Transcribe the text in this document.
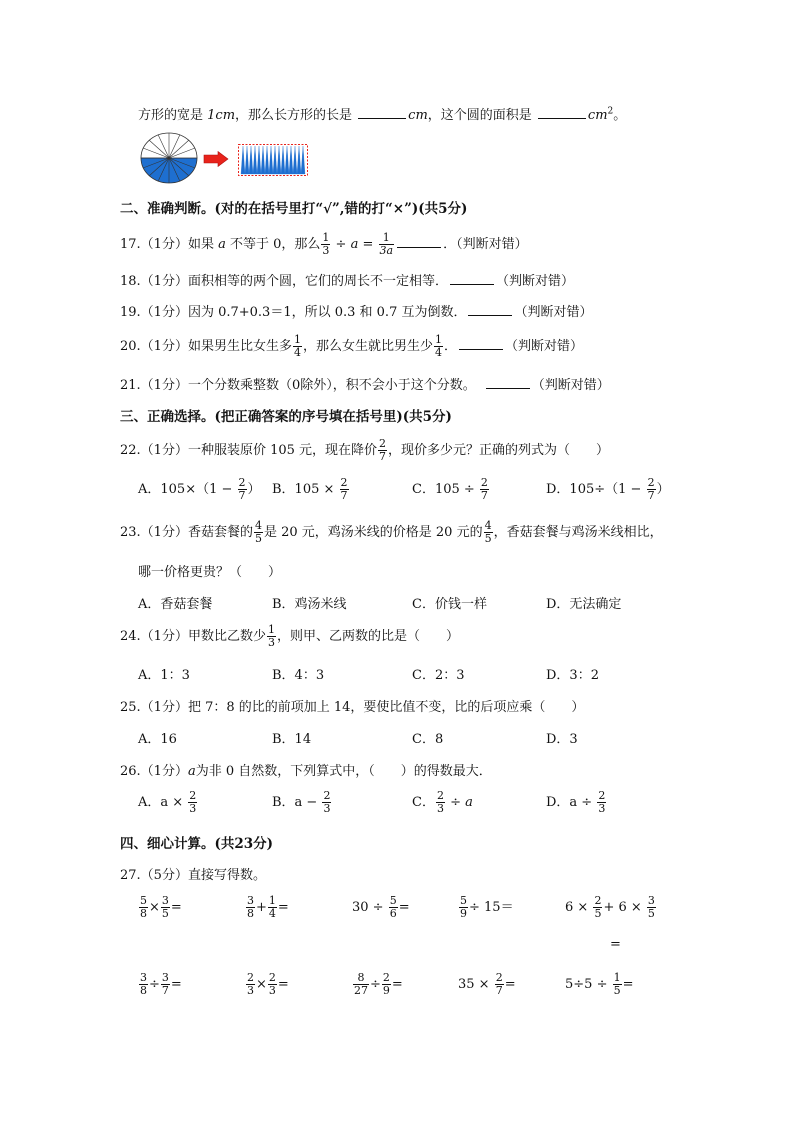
方形的宽是 1cm，那么长方形的长是	cm，这个圆的面积是	$cm^2$。
二、准确判断。(对的在括号里打“√”,错的打“×”)(共5分)
17.（1分）如果 a 不等于 0，那么 $\frac{1}{3} \div a = \frac{1}{3a}$	．（判断对错）
18.（1分）面积相等的两个圆，它们的周长不一定相等．	（判断对错）
19.（1分）因为 0.7+0.3＝1，所以 0.3 和 0.7 互为倒数．	（判断对错）
20.（1分）如果男生比女生多 $\frac{1}{4}$ ，那么女生就比男生少 $\frac{1}{4}$ ．	（判断对错）
21.（1分）一个分数乘整数（0除外），积不会小于这个分数。	（判断对错）
三、正确选择。(把正确答案的序号填在括号里)(共5分)
22.（1分）一种服装原价 105 元，现在降价 $\frac{2}{7}$ ，现价多少元？正确的列式为（　　）
A．$105\times(1 - \frac{2}{7}$ ） B．$105 \times \frac{2}{7}$	C．$105 \div \frac{2}{7}$	D．$105\div(1 - \frac{2}{7}$ ）
23.（1分）香菇套餐的 $\frac{4}{5}$ 是 20 元，鸡汤米线的价格是 20 元的 $\frac{4}{5}$ ，香菇套餐与鸡汤米线相比，
哪一价格更贵？（　　）
A．香菇套餐	B．鸡汤米线	C．价钱一样	D．无法确定
24.（1分）甲数比乙数少 $\frac{1}{3}$ ，则甲、乙两数的比是（　　）
A．1：3	B．4：3	C．2：3	D．3：2
25.（1分）把 7：8 的比的前项加上 14，要使比值不变，比的后项应乘（　　）
A．16	B．14	C．8	D．3
26.（1分）a为非 0 自然数，下列算式中，（　　）的得数最大．
A．$a \times \frac{2}{3}$	B．$a - \frac{2}{3}$	C． $\frac{2}{3} \div a$	D．$a \div \frac{2}{3}$
四、细心计算。(共23分)
27.（5分）直接写得数。
$\frac{5}{8} \times \frac{3}{5}$ =	$\frac{3}{8} + \frac{1}{4}$ =	$30 \div \frac{5}{6}$ =	$\frac{5}{9} \div 15=$	$6 \times \frac{2}{5} + 6 \times \frac{3}{5}$
=
$\frac{3}{8} \div \frac{3}{7}$ =	$\frac{2}{3} \times \frac{2}{3}$ =	$\frac{8}{27} \div \frac{2}{9}$ =	$35 \times \frac{2}{7}$ =	$5\div 5 \div \frac{1}{5}$ =
